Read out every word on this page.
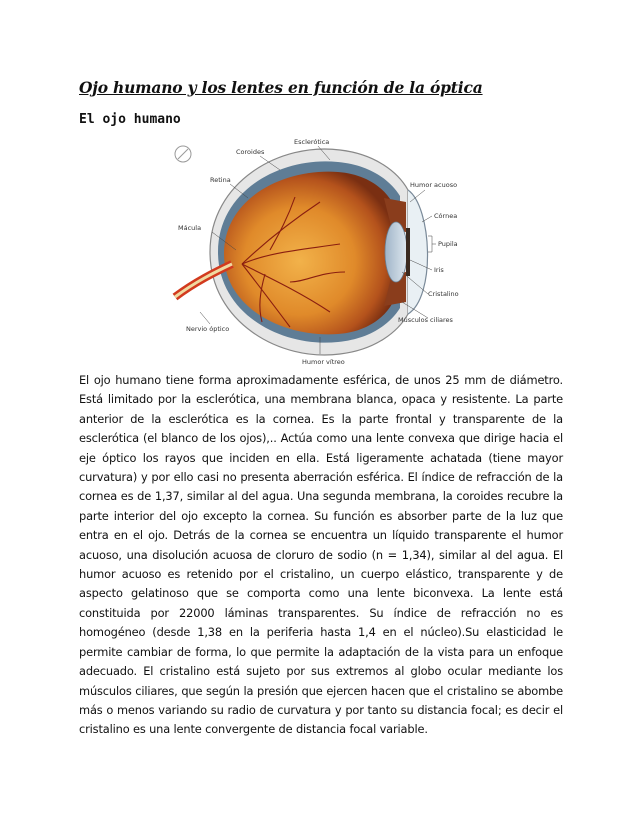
Ojo humano y los lentes en función de la óptica
El ojo humano
Coroides
Esclerótica
Retina
Mácula
Humor acuoso
Córnea
Pupila
Iris
Cristalino
Músculos ciliares
Nervio óptico
Humor vítreo

El ojo humano tiene forma aproximadamente esférica, de unos 25 mm de diámetro. Está limitado por la esclerótica, una membrana blanca, opaca y resistente. La parte anterior de la esclerótica es la cornea. Es la parte frontal y transparente de la esclerótica (el blanco de los ojos),.. Actúa como una lente convexa que dirige hacia el eje óptico los rayos que inciden en ella. Está ligeramente achatada (tiene mayor curvatura) y por ello casi no presenta aberración esférica. El índice de refracción de la cornea es de 1,37, similar al del agua. Una segunda membrana, la coroides recubre la parte interior del ojo excepto la cornea. Su función es absorber parte de la luz que entra en el ojo. Detrás de la cornea se encuentra un líquido transparente el humor acuoso, una disolución acuosa de cloruro de sodio (n = 1,34), similar al del agua. El humor acuoso es retenido por el cristalino, un cuerpo elástico, transparente y de aspecto gelatinoso que se comporta como una lente biconvexa. La lente está constituida por 22000 láminas transparentes. Su índice de refracción no es homogéneo (desde 1,38 en la periferia hasta 1,4 en el núcleo).Su elasticidad le permite cambiar de forma, lo que permite la adaptación de la vista para un enfoque adecuado. El cristalino está sujeto por sus extremos al globo ocular mediante los músculos ciliares, que según la presión que ejercen hacen que el cristalino se abombe más o menos variando su radio de curvatura y por tanto su distancia focal; es decir el cristalino es una lente convergente de distancia focal variable.
